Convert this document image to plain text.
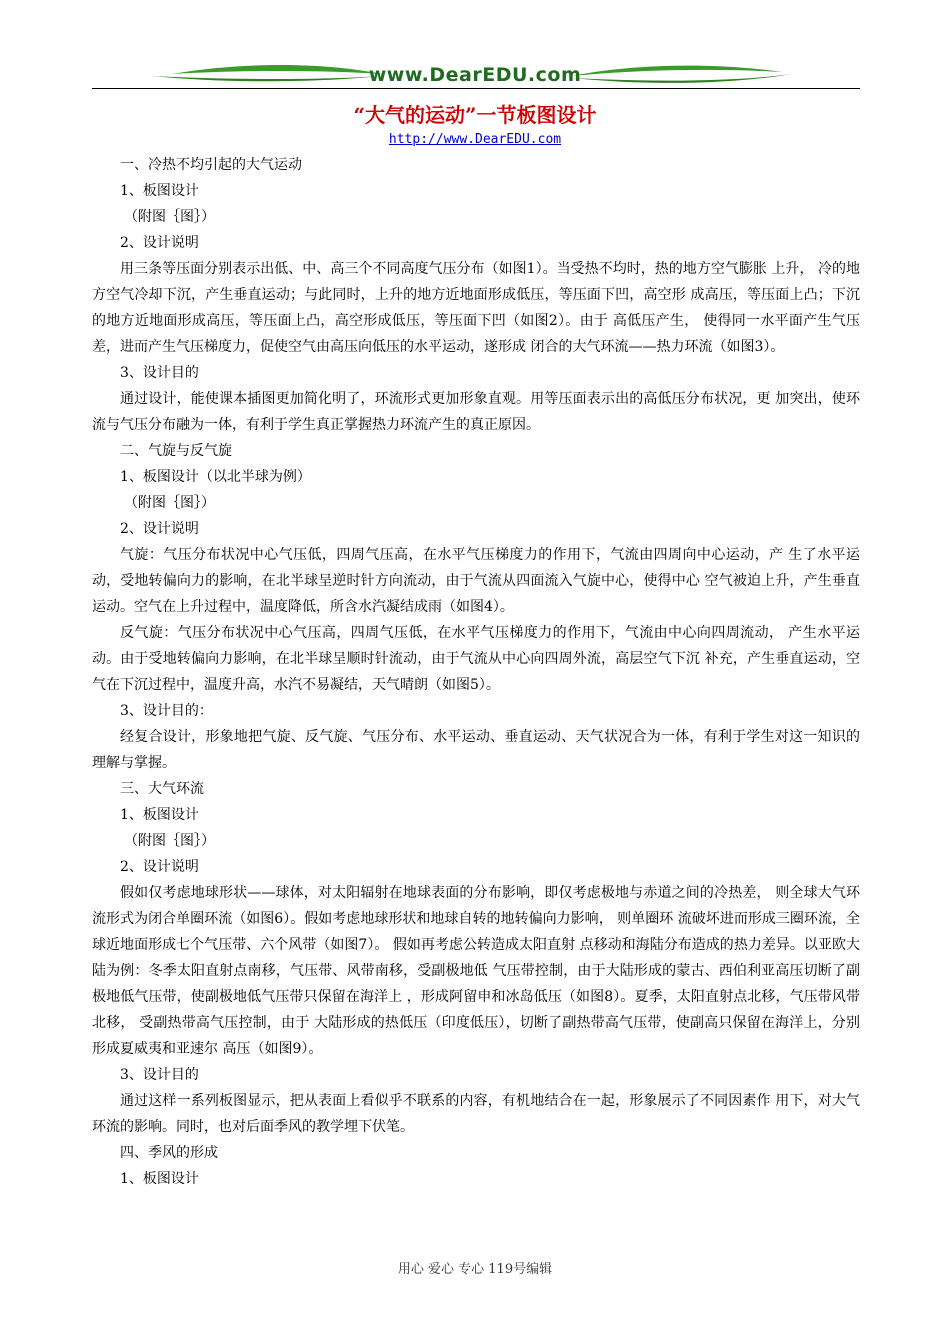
www.DearEDU.com
“大气的运动”一节板图设计
http://www.DearEDU.com
一、冷热不均引起的大气运动
1、板图设计
（附图｛图｝）
2、设计说明

用三条等压面分别表示出低、中、高三个不同高度气压分布（如图1）。当受热不均时，热的地方空气膨胀 上升， 冷的地方空气冷却下沉，产生垂直运动；与此同时，上升的地方近地面形成低压，等压面下凹，高空形 成高压，等压面上凸；下沉的地方近地面形成高压，等压面上凸，高空形成低压，等压面下凹（如图2）。由于 高低压产生， 使得同一水平面产生气压差，进而产生气压梯度力，促使空气由高压向低压的水平运动，遂形成 闭合的大气环流——热力环流（如图3）。

3、设计目的

通过设计，能使课本插图更加简化明了，环流形式更加形象直观。用等压面表示出的高低压分布状况，更 加突出，使环流与气压分布融为一体，有利于学生真正掌握热力环流产生的真正原因。

二、气旋与反气旋
1、板图设计（以北半球为例）
（附图｛图｝）
2、设计说明

气旋：气压分布状况中心气压低，四周气压高，在水平气压梯度力的作用下，气流由四周向中心运动，产 生了水平运动，受地转偏向力的影响，在北半球呈逆时针方向流动，由于气流从四面流入气旋中心，使得中心 空气被迫上升，产生垂直运动。空气在上升过程中，温度降低，所含水汽凝结成雨（如图4）。

反气旋：气压分布状况中心气压高，四周气压低，在水平气压梯度力的作用下，气流由中心向四周流动， 产生水平运动。由于受地转偏向力影响，在北半球呈顺时针流动，由于气流从中心向四周外流，高层空气下沉 补充，产生垂直运动，空气在下沉过程中，温度升高，水汽不易凝结，天气晴朗（如图5）。

3、设计目的：

经复合设计，形象地把气旋、反气旋、气压分布、水平运动、垂直运动、天气状况合为一体，有利于学生对这一知识的理解与掌握。

三、大气环流
1、板图设计
（附图｛图｝）
2、设计说明

假如仅考虑地球形状——球体，对太阳辐射在地球表面的分布影响，即仅考虑极地与赤道之间的冷热差， 则全球大气环流形式为闭合单圈环流（如图6）。假如考虑地球形状和地球自转的地转偏向力影响， 则单圈环 流破坏进而形成三圈环流，全球近地面形成七个气压带、六个风带（如图7）。 假如再考虑公转造成太阳直射 点移动和海陆分布造成的热力差异。以亚欧大陆为例：冬季太阳直射点南移，气压带、风带南移，受副极地低 气压带控制，由于大陆形成的蒙古、西伯利亚高压切断了副极地低气压带，使副极地低气压带只保留在海洋上 ，形成阿留申和冰岛低压（如图8）。夏季，太阳直射点北移，气压带风带北移， 受副热带高气压控制，由于 大陆形成的热低压（印度低压），切断了副热带高气压带，使副高只保留在海洋上，分别形成夏威夷和亚速尔 高压（如图9）。

3、设计目的

通过这样一系列板图显示，把从表面上看似乎不联系的内容，有机地结合在一起，形象展示了不同因素作 用下，对大气环流的影响。同时，也对后面季风的教学埋下伏笔。

四、季风的形成
1、板图设计
用心 爱心 专心 119号编辑
